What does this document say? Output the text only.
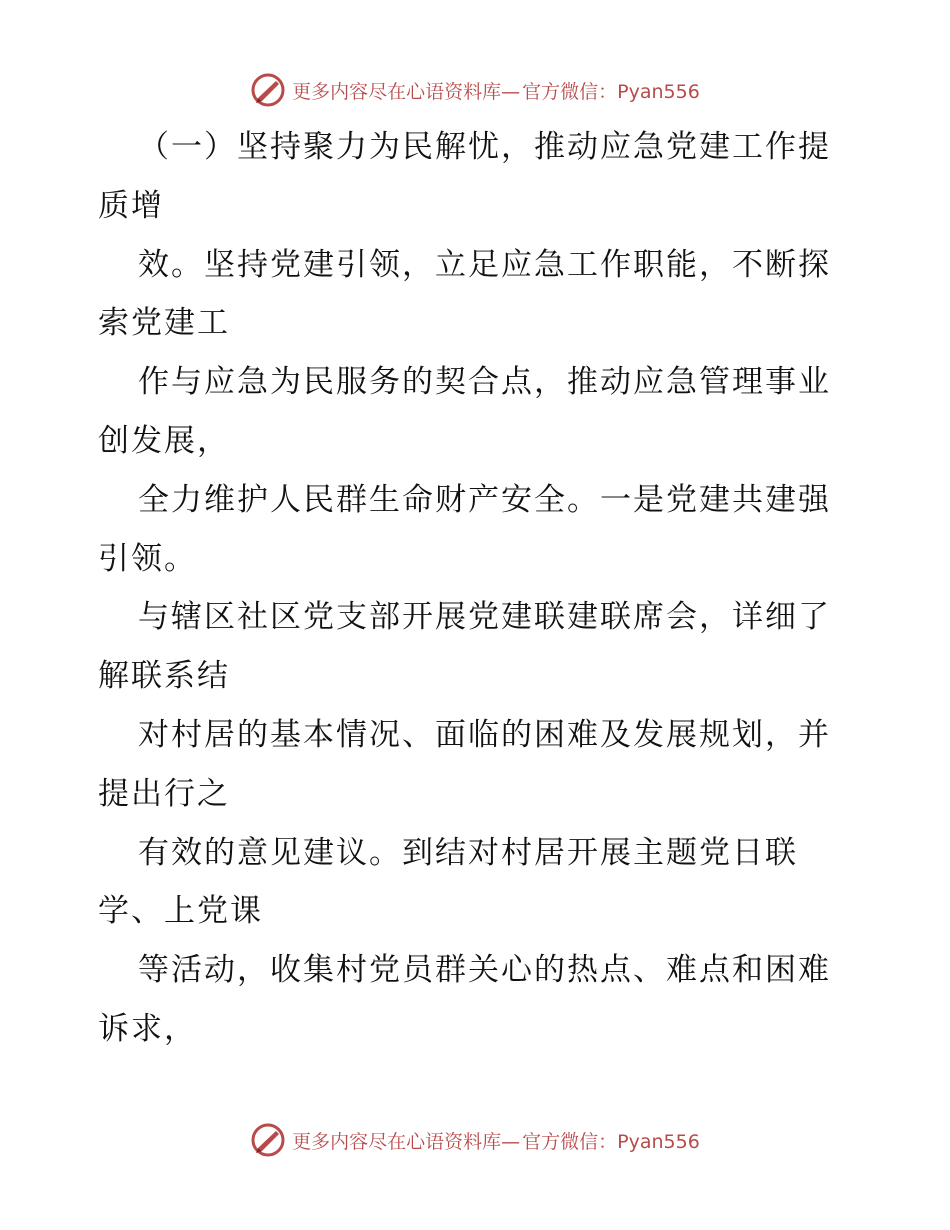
更多内容尽在心语资料库— 官方微信：Pyan556
（一）坚持聚力为民解忧，推动应急党建工作提
质增
效。坚持党建引领，立足应急工作职能，不断探
索党建工
作与应急为民服务的契合点，推动应急管理事业
创发展，
全力维护人民群生命财产安全。一是党建共建强
引领。
与辖区社区党支部开展党建联建联席会，详细了
解联系结
对村居的基本情况、面临的困难及发展规划，并
提出行之
有效的意见建议。到结对村居开展主题党日联
学、上党课
等活动，收集村党员群关心的热点、难点和困难
诉求，
更多内容尽在心语资料库— 官方微信：Pyan556
